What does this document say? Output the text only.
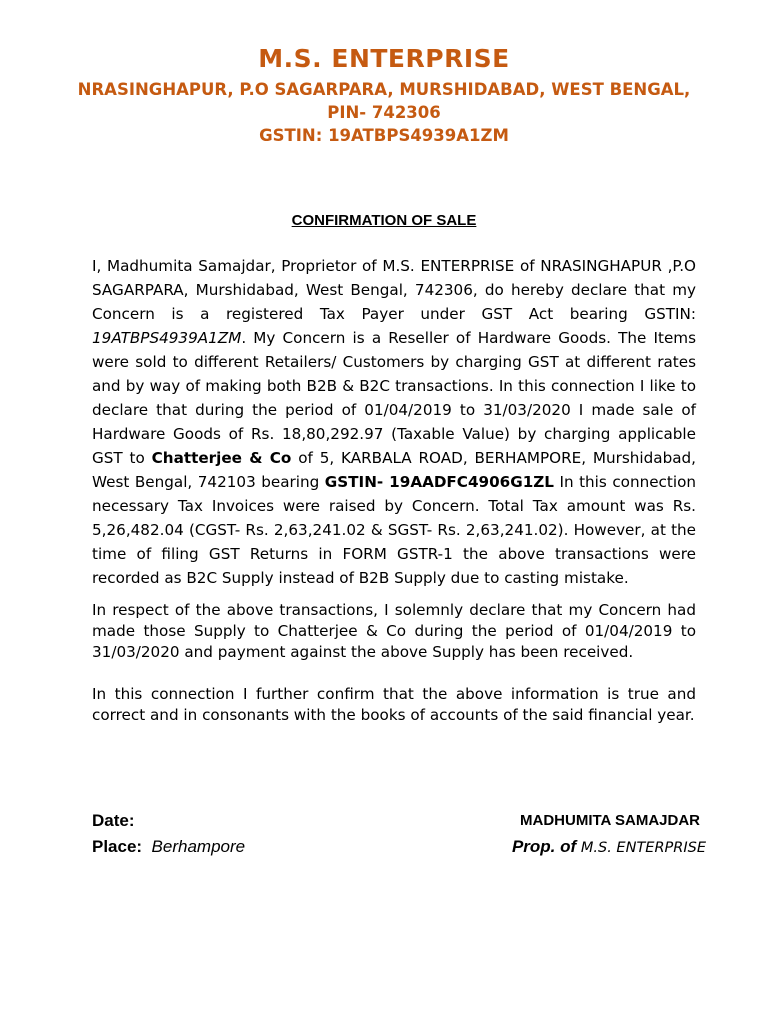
M.S. ENTERPRISE
NRASINGHAPUR, P.O SAGARPARA, MURSHIDABAD, WEST BENGAL,
PIN- 742306
GSTIN: 19ATBPS4939A1ZM
CONFIRMATION OF SALE
I, Madhumita Samajdar, Proprietor of M.S. ENTERPRISE of NRASINGHAPUR ,P.O SAGARPARA, Murshidabad, West Bengal, 742306, do hereby declare that my Concern is a registered Tax Payer under GST Act bearing GSTIN: 19ATBPS4939A1ZM. My Concern is a Reseller of Hardware Goods. The Items were sold to different Retailers/ Customers by charging GST at different rates and by way of making both B2B & B2C transactions. In this connection I like to declare that during the period of 01/04/2019 to 31/03/2020 I made sale of Hardware Goods of Rs. 18,80,292.97 (Taxable Value) by charging applicable GST to Chatterjee & Co of 5, KARBALA ROAD, BERHAMPORE, Murshidabad, West Bengal, 742103 bearing GSTIN- 19AADFC4906G1ZL In this connection necessary Tax Invoices were raised by Concern. Total Tax amount was Rs. 5,26,482.04 (CGST- Rs. 2,63,241.02 & SGST- Rs. 2,63,241.02). However, at the time of filing GST Returns in FORM GSTR-1 the above transactions were recorded as B2C Supply instead of B2B Supply due to casting mistake.
In respect of the above transactions, I solemnly declare that my Concern had made those Supply to Chatterjee & Co during the period of 01/04/2019 to 31/03/2020 and payment against the above Supply has been received.
In this connection I further confirm that the above information is true and correct and in consonants with the books of accounts of the said financial year.
Date:
Place: Berhampore
MADHUMITA SAMAJDAR
Prop. of M.S. ENTERPRISE
